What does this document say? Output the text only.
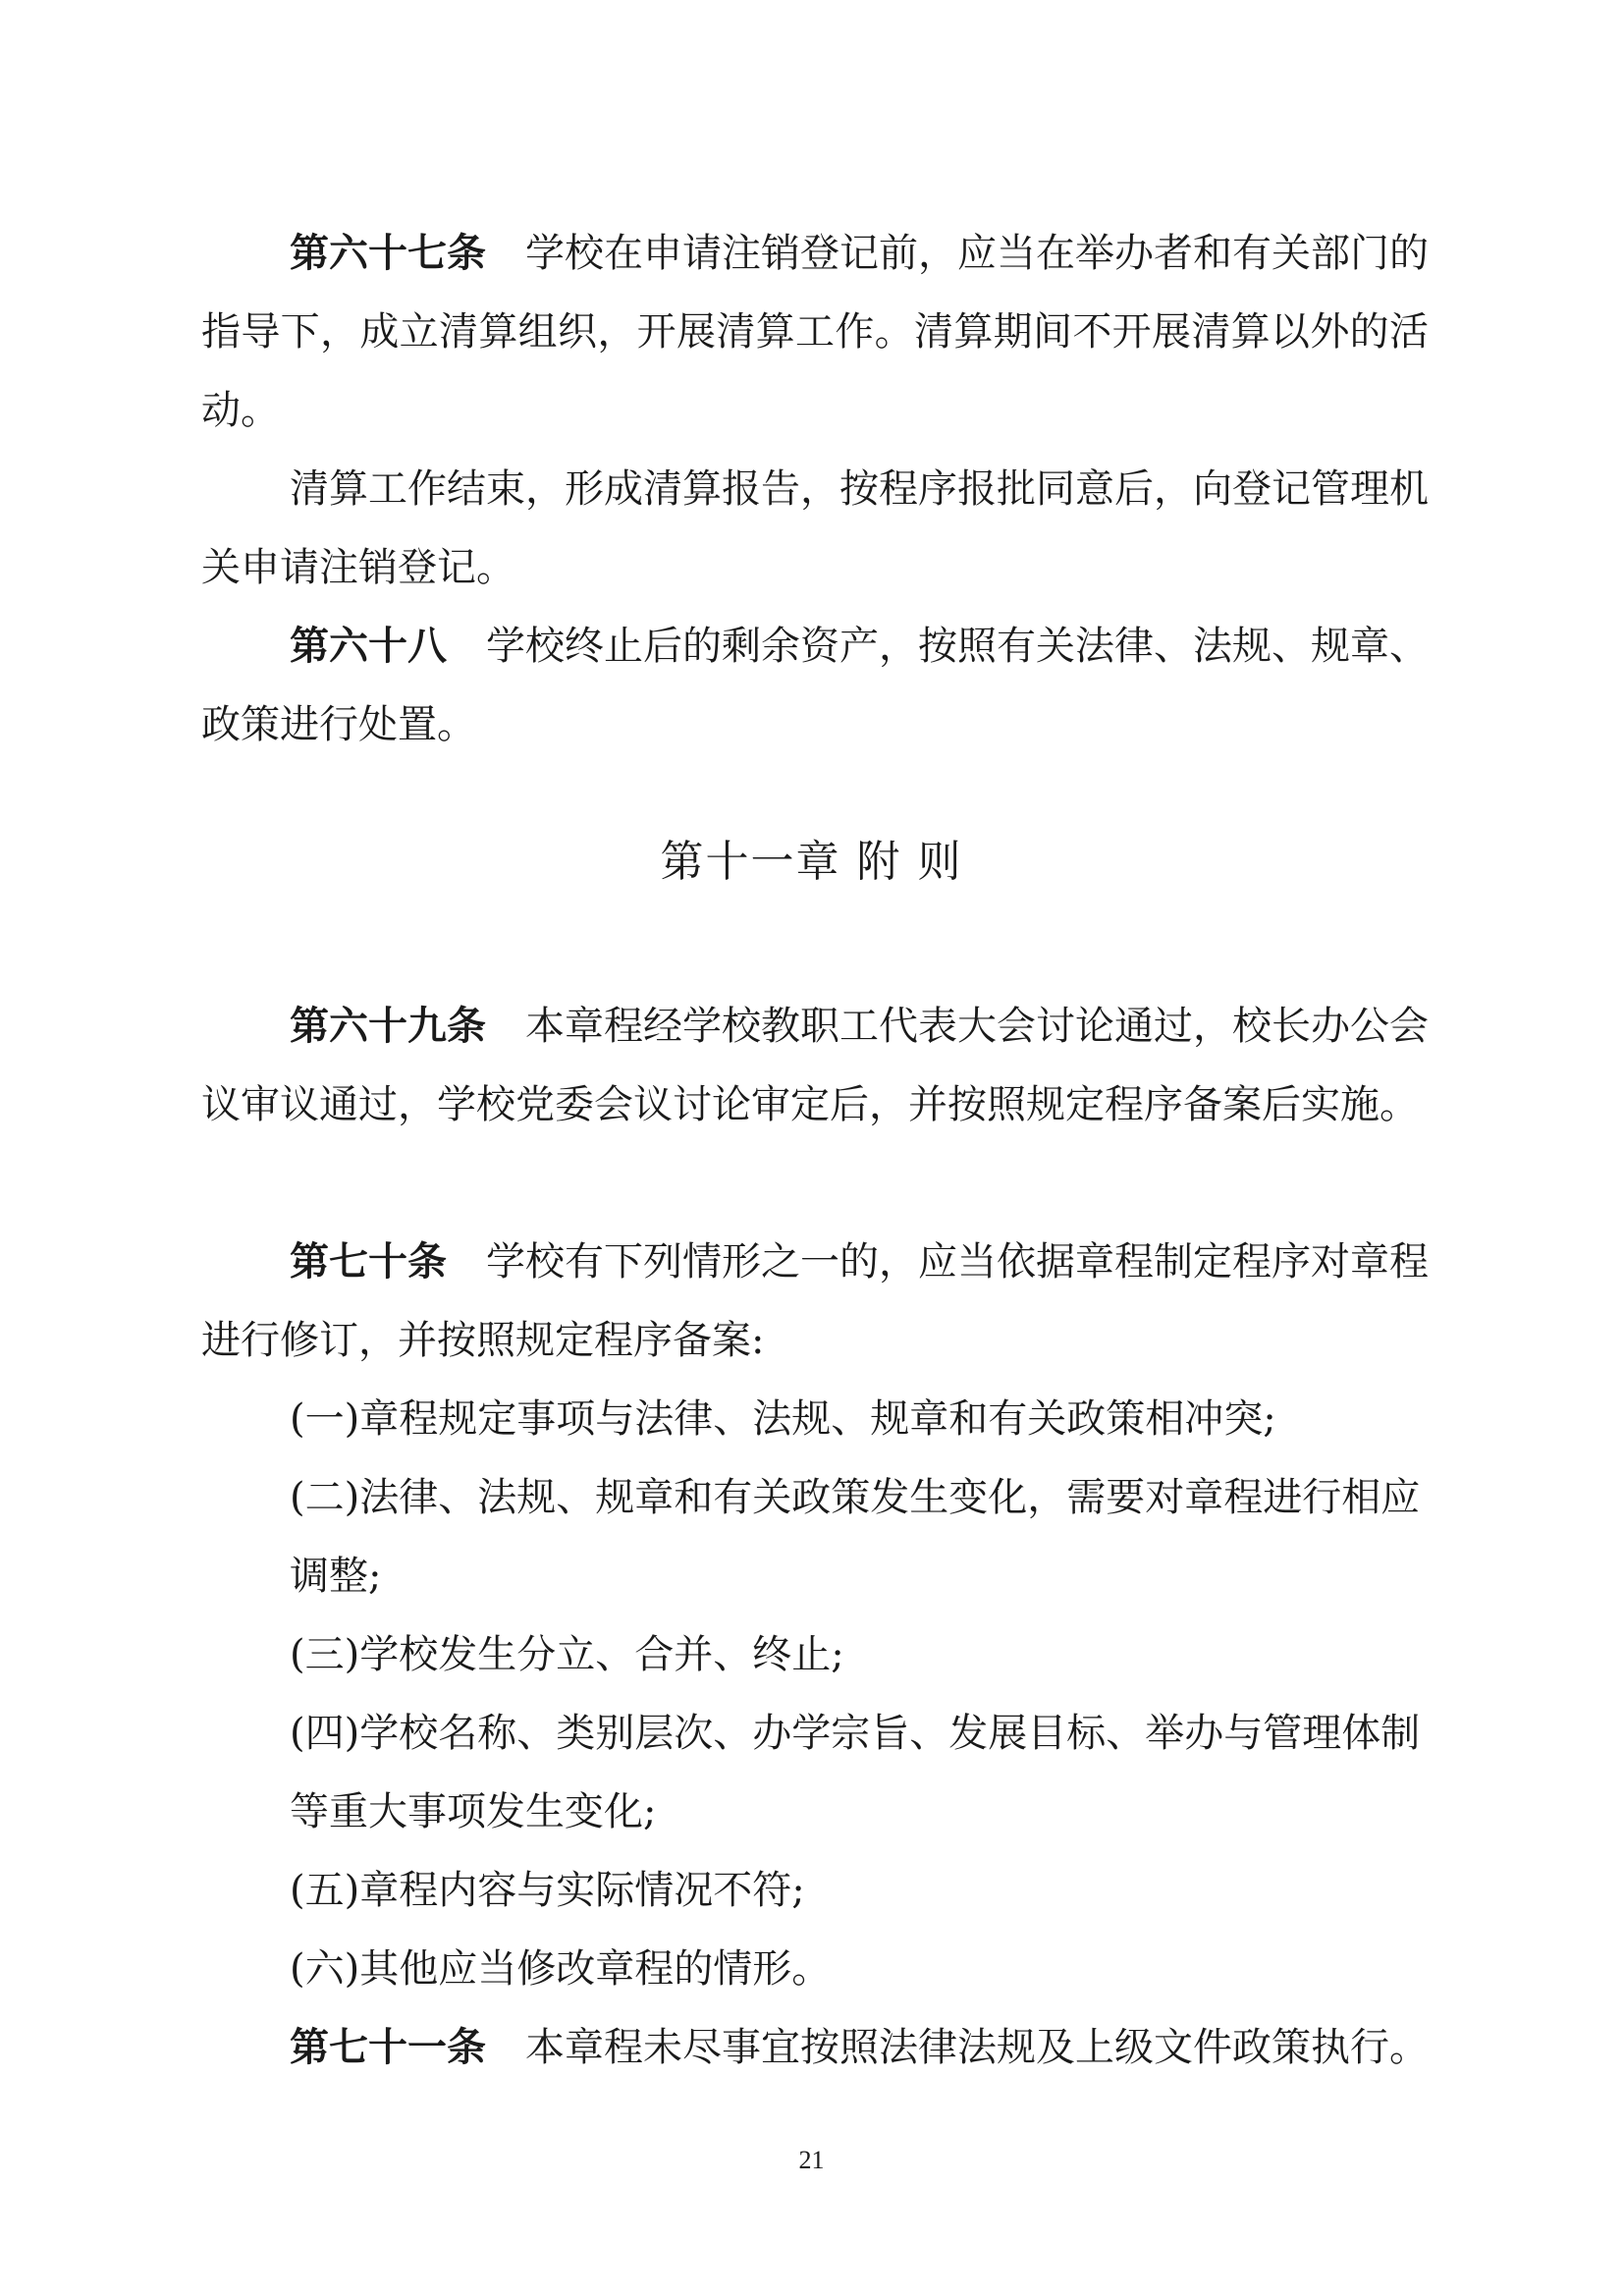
第六十七条 学校在申请注销登记前，应当在举办者和有关部门的指导下，成立清算组织，开展清算工作。清算期间不开展清算以外的活动。
清算工作结束，形成清算报告，按程序报批同意后，向登记管理机关申请注销登记。
第六十八 学校终止后的剩余资产，按照有关法律、法规、规章、政策进行处置。
第十一章 附 则
第六十九条 本章程经学校教职工代表大会讨论通过，校长办公会议审议通过，学校党委会议讨论审定后，并按照规定程序备案后实施。
第七十条 学校有下列情形之一的，应当依据章程制定程序对章程进行修订，并按照规定程序备案:
(一)章程规定事项与法律、法规、规章和有关政策相冲突;
(二)法律、法规、规章和有关政策发生变化，需要对章程进行相应调整;
(三)学校发生分立、合并、终止;
(四)学校名称、类别层次、办学宗旨、发展目标、举办与管理体制等重大事项发生变化;
(五)章程内容与实际情况不符;
(六)其他应当修改章程的情形。
第七十一条 本章程未尽事宜按照法律法规及上级文件政策执行。
21
